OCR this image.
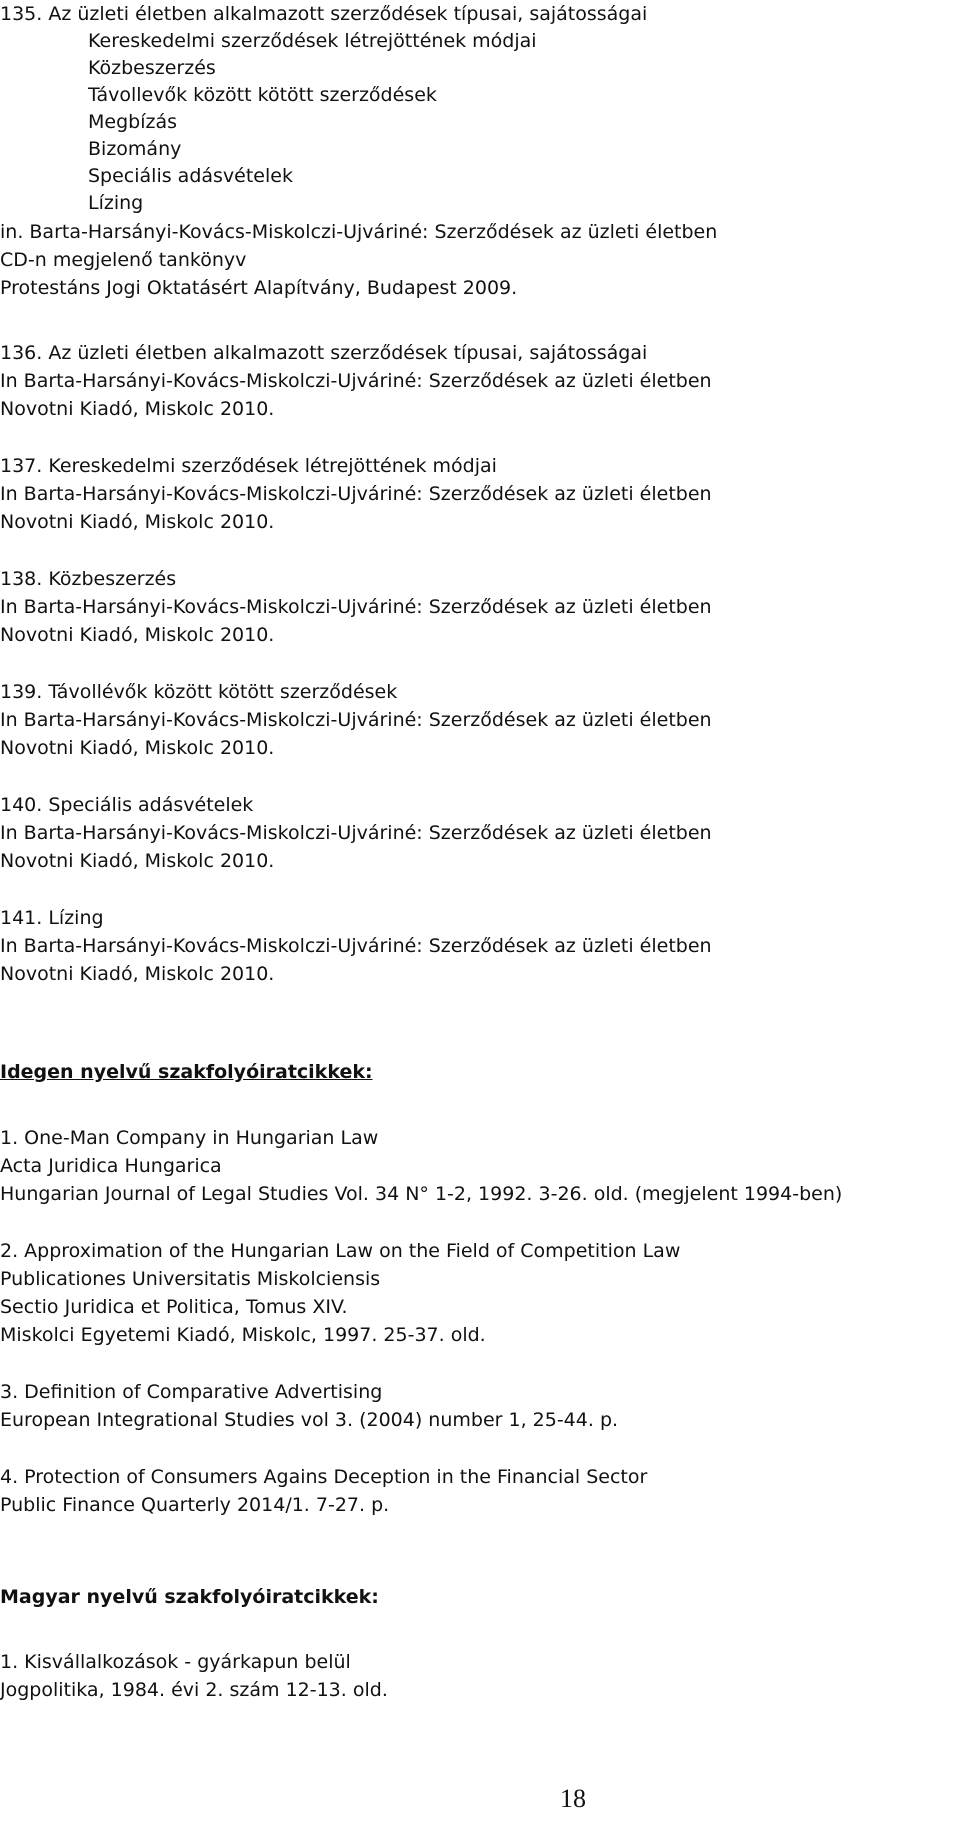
135. Az üzleti életben alkalmazott szerződések típusai, sajátosságai
Kereskedelmi szerződések létrejöttének módjai
Közbeszerzés
Távollevők között kötött szerződések
Megbízás
Bizomány
Speciális adásvételek
Lízing
in. Barta-Harsányi-Kovács-Miskolczi-Ujváriné: Szerződések az üzleti életben
CD-n megjelenő tankönyv
Protestáns Jogi Oktatásért Alapítvány, Budapest 2009.
136. Az üzleti életben alkalmazott szerződések típusai, sajátosságai
In Barta-Harsányi-Kovács-Miskolczi-Ujváriné: Szerződések az üzleti életben
Novotni Kiadó, Miskolc 2010.
137. Kereskedelmi szerződések létrejöttének módjai
In Barta-Harsányi-Kovács-Miskolczi-Ujváriné: Szerződések az üzleti életben
Novotni Kiadó, Miskolc 2010.
138. Közbeszerzés
In Barta-Harsányi-Kovács-Miskolczi-Ujváriné: Szerződések az üzleti életben
Novotni Kiadó, Miskolc 2010.
139. Távollévők között kötött szerződések
In Barta-Harsányi-Kovács-Miskolczi-Ujváriné: Szerződések az üzleti életben
Novotni Kiadó, Miskolc 2010.
140. Speciális adásvételek
In Barta-Harsányi-Kovács-Miskolczi-Ujváriné: Szerződések az üzleti életben
Novotni Kiadó, Miskolc 2010.
141. Lízing
In Barta-Harsányi-Kovács-Miskolczi-Ujváriné: Szerződések az üzleti életben
Novotni Kiadó, Miskolc 2010.
Idegen nyelvű szakfolyóiratcikkek:
1. One-Man Company in Hungarian Law
Acta Juridica Hungarica
Hungarian Journal of Legal Studies Vol. 34 N° 1-2, 1992. 3-26. old. (megjelent 1994-ben)
2. Approximation of the Hungarian Law on the Field of Competition Law
Publicationes Universitatis Miskolciensis
Sectio Juridica et Politica, Tomus XIV.
Miskolci Egyetemi Kiadó, Miskolc, 1997. 25-37. old.
3. Definition of Comparative Advertising
European Integrational Studies vol 3. (2004) number 1, 25-44. p.
4. Protection of Consumers Agains Deception in the Financial Sector
Public Finance Quarterly 2014/1. 7-27. p.
Magyar nyelvű szakfolyóiratcikkek:
1. Kisvállalkozások - gyárkapun belül
Jogpolitika, 1984. évi 2. szám 12-13. old.
18
